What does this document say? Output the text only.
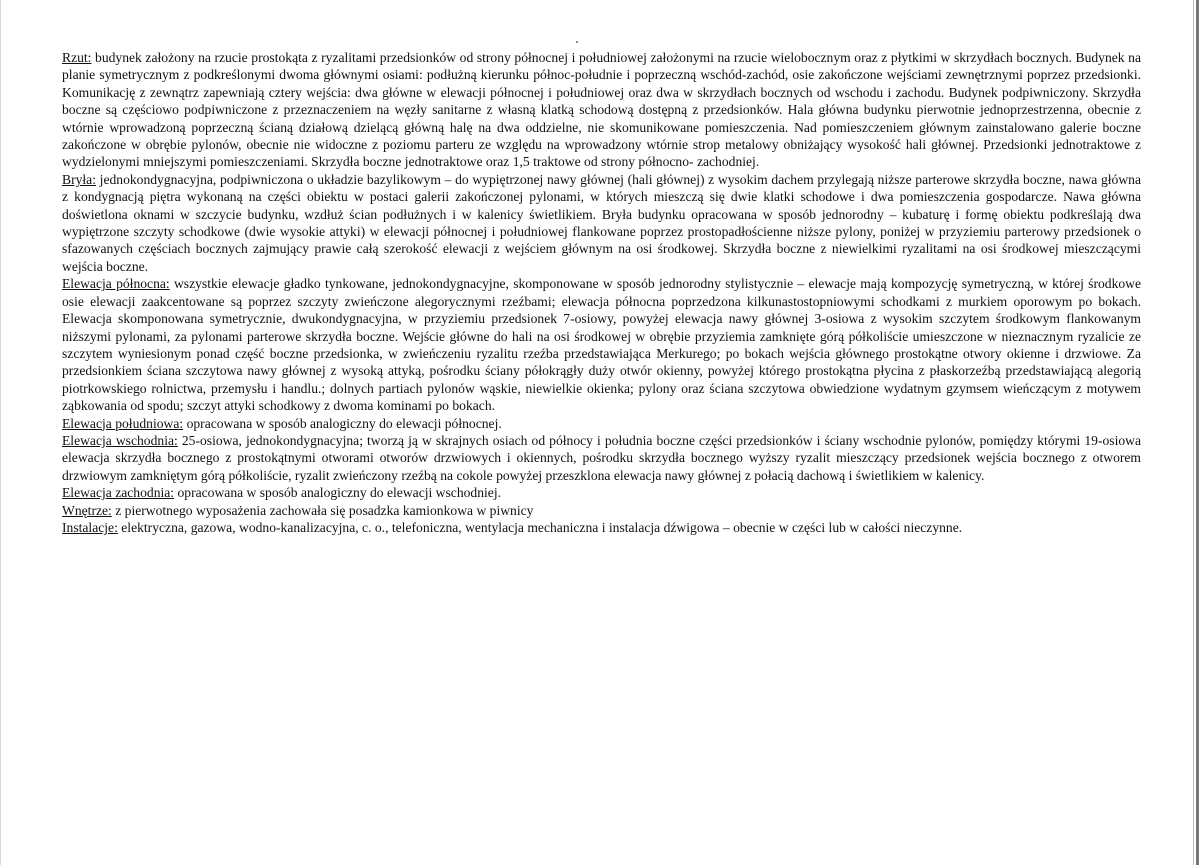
Rzut: budynek założony na rzucie prostokąta z ryzalitami przedsionków od strony północnej i południowej założonymi na rzucie wielobocznym oraz z płytkimi w skrzydłach bocznych. Budynek na planie symetrycznym z podkreślonymi dwoma głównymi osiami: podłużną kierunku północ-południe i poprzeczną wschód-zachód, osie zakończone wejściami zewnętrznymi poprzez przedsionki. Komunikację z zewnątrz zapewniają cztery wejścia: dwa główne w elewacji północnej i południowej oraz dwa w skrzydłach bocznych od wschodu i zachodu. Budynek podpiwniczony. Skrzydła boczne są częściowo podpiwniczone z przeznaczeniem na węzły sanitarne z własną klatką schodową dostępną z przedsionków. Hala główna budynku pierwotnie jednoprzestrzenna, obecnie z wtórnie wprowadzoną poprzeczną ścianą działową dzielącą główną halę na dwa oddzielne, nie skomunikowane pomieszczenia. Nad pomieszczeniem głównym zainstalowano galerie boczne zakończone w obrębie pylonów, obecnie nie widoczne z poziomu parteru ze względu na wprowadzony wtórnie strop metalowy obniżający wysokość hali głównej. Przedsionki jednotraktowe z wydzielonymi mniejszymi pomieszczeniami. Skrzydła boczne jednotraktowe oraz 1,5 traktowe od strony północno- zachodniej.

Bryła: jednokondygnacyjna, podpiwniczona o układzie bazylikowym – do wypiętrzonej nawy głównej (hali głównej) z wysokim dachem przylegają niższe parterowe skrzydła boczne, nawa główna z kondygnacją piętra wykonaną na części obiektu w postaci galerii zakończonej pylonami, w których mieszczą się dwie klatki schodowe i dwa pomieszczenia gospodarcze. Nawa główna doświetlona oknami w szczycie budynku, wzdłuż ścian podłużnych i w kalenicy świetlikiem. Bryła budynku opracowana w sposób jednorodny – kubaturę i formę obiektu podkreślają dwa wypiętrzone szczyty schodkowe (dwie wysokie attyki) w elewacji północnej i południowej flankowane poprzez prostopadłościenne niższe pylony, poniżej w przyziemiu parterowy przedsionek o sfazowanych częściach bocznych zajmujący prawie całą szerokość elewacji z wejściem głównym na osi środkowej. Skrzydła boczne z niewielkimi ryzalitami na osi środkowej mieszczącymi wejścia boczne.

Elewacja północna: wszystkie elewacje gładko tynkowane, jednokondygnacyjne, skomponowane w sposób jednorodny stylistycznie – elewacje mają kompozycję symetryczną, w której środkowe osie elewacji zaakcentowane są poprzez szczyty zwieńczone alegorycznymi rzeźbami; elewacja północna poprzedzona kilkunastostopniowymi schodkami z murkiem oporowym po bokach. Elewacja skomponowana symetrycznie, dwukondygnacyjna, w przyziemiu przedsionek 7-osiowy, powyżej elewacja nawy głównej 3-osiowa z wysokim szczytem środkowym flankowanym niższymi pylonami, za pylonami parterowe skrzydła boczne. Wejście główne do hali na osi środkowej w obrębie przyziemia zamknięte górą półkoliście umieszczone w nieznacznym ryzalicie ze szczytem wyniesionym ponad część boczne przedsionka, w zwieńczeniu ryzalitu rzeźba przedstawiająca Merkurego; po bokach wejścia głównego prostokątne otwory okienne i drzwiowe. Za przedsionkiem ściana szczytowa nawy głównej z wysoką attyką, pośrodku ściany półokrągły duży otwór okienny, powyżej którego prostokątna płycina z płaskorzeźbą przedstawiającą alegorią piotrkowskiego rolnictwa, przemysłu i handlu.; dolnych partiach pylonów wąskie, niewielkie okienka; pylony oraz ściana szczytowa obwiedzione wydatnym gzymsem wieńczącym z motywem ząbkowania od spodu; szczyt attyki schodkowy z dwoma kominami po bokach.

Elewacja południowa: opracowana w sposób analogiczny do elewacji północnej.

Elewacja wschodnia: 25-osiowa, jednokondygnacyjna; tworzą ją w skrajnych osiach od północy i południa boczne części przedsionków i ściany wschodnie pylonów, pomiędzy którymi 19-osiowa elewacja skrzydła bocznego z prostokątnymi otworami otworów drzwiowych i okiennych, pośrodku skrzydła bocznego wyższy ryzalit mieszczący przedsionek wejścia bocznego z otworem drzwiowym zamkniętym górą półkoliście, ryzalit zwieńczony rzeźbą na cokole powyżej przeszklona elewacja nawy głównej z połacią dachową i świetlikiem w kalenicy.

Elewacja zachodnia: opracowana w sposób analogiczny do elewacji wschodniej.

Wnętrze: z pierwotnego wyposażenia zachowała się posadzka kamionkowa w piwnicy

Instalacje: elektryczna, gazowa, wodno-kanalizacyjna, c. o., telefoniczna, wentylacja mechaniczna i instalacja dźwigowa – obecnie w części lub w całości nieczynne.
